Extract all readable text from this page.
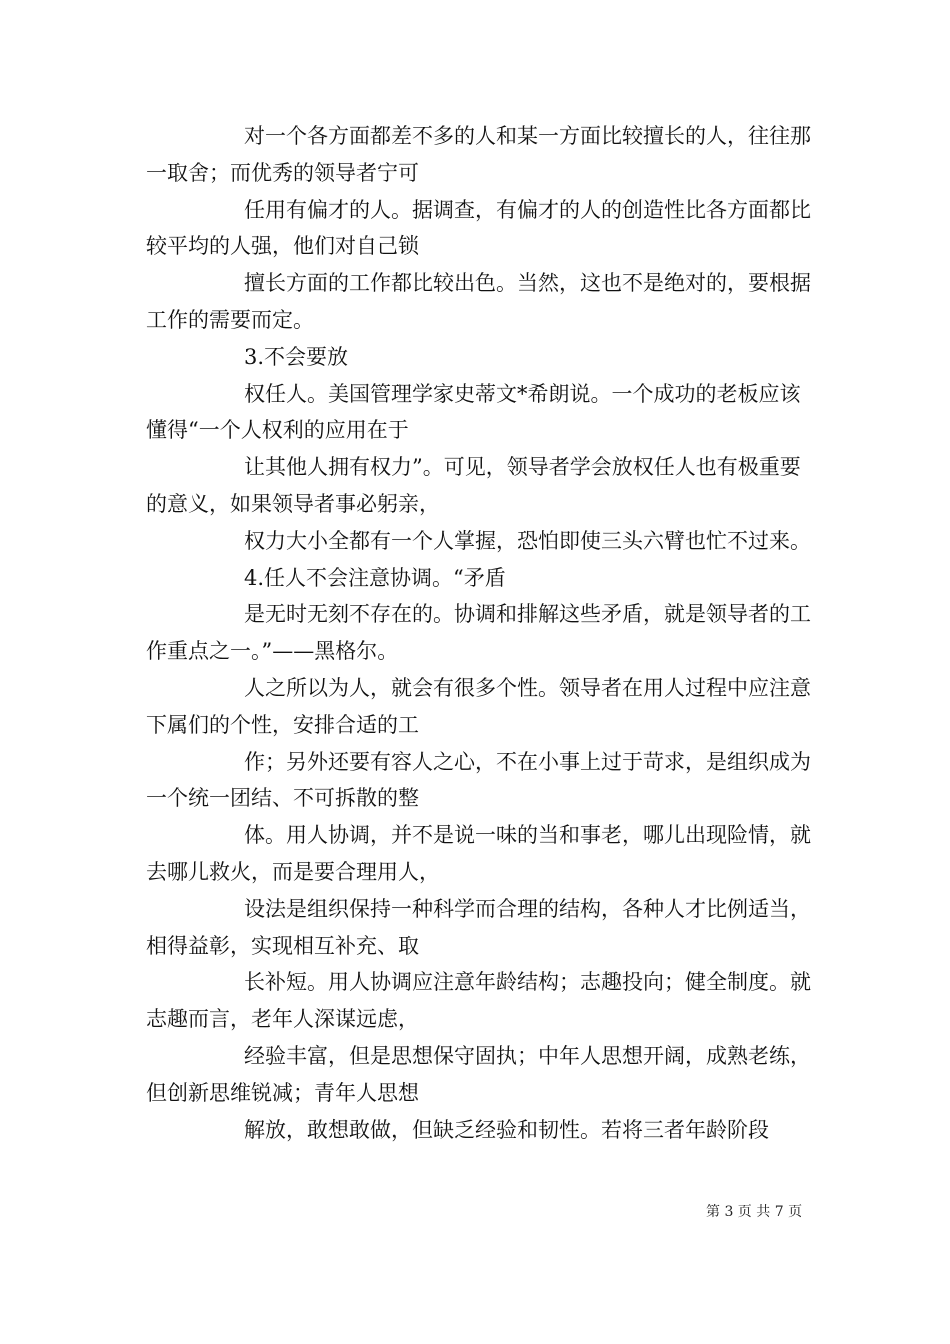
对一个各方面都差不多的人和某一方面比较擅长的人，往往那一取舍；而优秀的领导者宁可

任用有偏才的人。据调查，有偏才的人的创造性比各方面都比较平均的人强，他们对自己锁

擅长方面的工作都比较出色。当然，这也不是绝对的，要根据工作的需要而定。

3.不会要放

权任人。美国管理学家史蒂文*希朗说。一个成功的老板应该懂得“一个人权利的应用在于

让其他人拥有权力”。可见，领导者学会放权任人也有极重要的意义，如果领导者事必躬亲，

权力大小全都有一个人掌握，恐怕即使三头六臂也忙不过来。

4.任人不会注意协调。“矛盾

是无时无刻不存在的。协调和排解这些矛盾，就是领导者的工作重点之一。”——黑格尔。

人之所以为人，就会有很多个性。领导者在用人过程中应注意下属们的个性，安排合适的工

作；另外还要有容人之心，不在小事上过于苛求，是组织成为一个统一团结、不可拆散的整

体。用人协调，并不是说一味的当和事老，哪儿出现险情，就去哪儿救火，而是要合理用人，

设法是组织保持一种科学而合理的结构，各种人才比例适当，相得益彰，实现相互补充、取

长补短。用人协调应注意年龄结构；志趣投向；健全制度。就志趣而言，老年人深谋远虑，

经验丰富，但是思想保守固执；中年人思想开阔，成熟老练，但创新思维锐减；青年人思想

解放，敢想敢做，但缺乏经验和韧性。若将三者年龄阶段

第 3 页 共 7 页
